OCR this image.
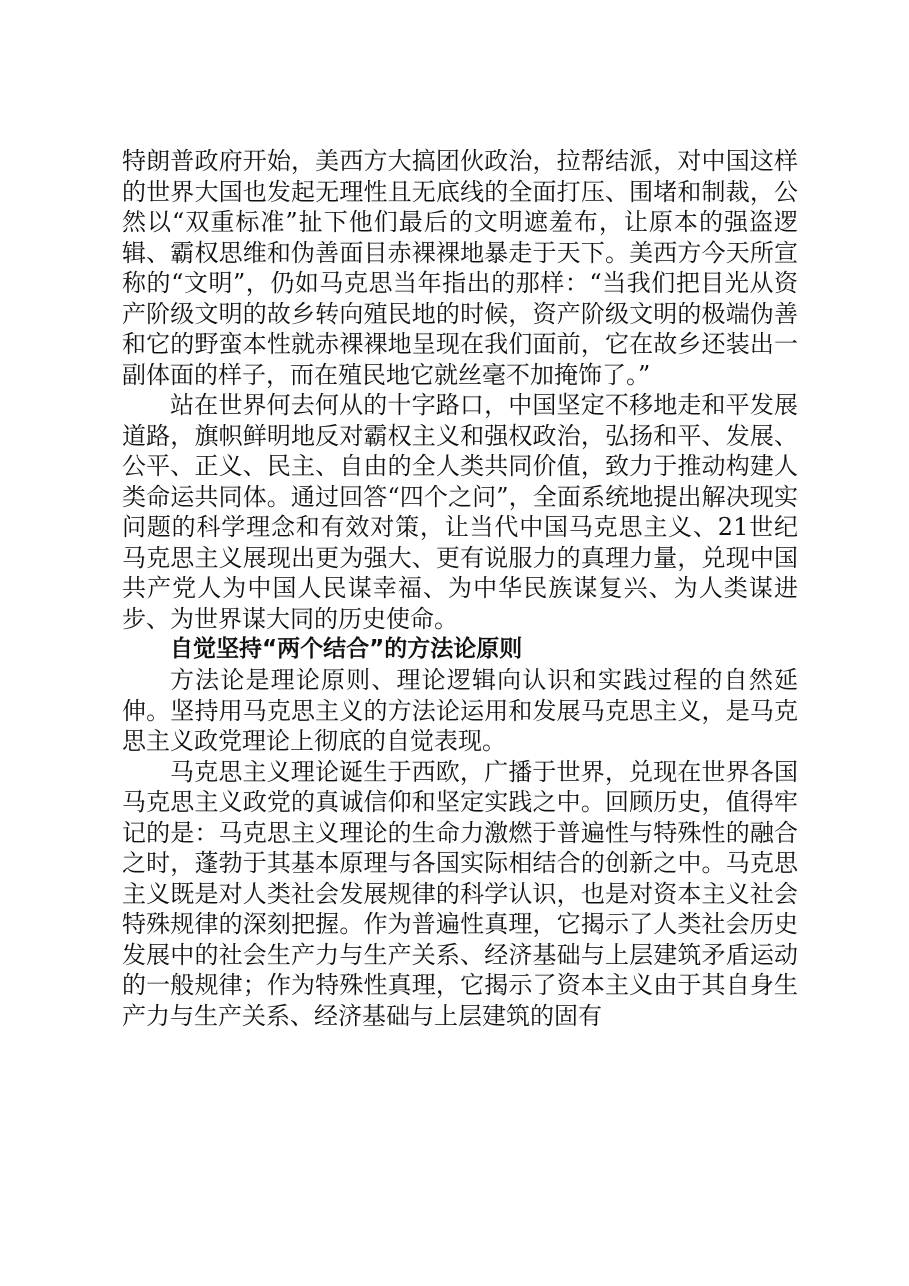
特朗普政府开始，美西方大搞团伙政治，拉帮结派，对中国这样的世界大国也发起无理性且无底线的全面打压、围堵和制裁，公然以“双重标准”扯下他们最后的文明遮羞布，让原本的强盗逻辑、霸权思维和伪善面目赤裸裸地暴走于天下。美西方今天所宣称的“文明”，仍如马克思当年指出的那样：“当我们把目光从资产阶级文明的故乡转向殖民地的时候，资产阶级文明的极端伪善和它的野蛮本性就赤裸裸地呈现在我们面前，它在故乡还装出一副体面的样子，而在殖民地它就丝毫不加掩饰了。”

站在世界何去何从的十字路口，中国坚定不移地走和平发展道路，旗帜鲜明地反对霸权主义和强权政治，弘扬和平、发展、公平、正义、民主、自由的全人类共同价值，致力于推动构建人类命运共同体。通过回答“四个之问”，全面系统地提出解决现实问题的科学理念和有效对策，让当代中国马克思主义、21世纪马克思主义展现出更为强大、更有说服力的真理力量，兑现中国共产党人为中国人民谋幸福、为中华民族谋复兴、为人类谋进步、为世界谋大同的历史使命。

自觉坚持“两个结合”的方法论原则

方法论是理论原则、理论逻辑向认识和实践过程的自然延伸。坚持用马克思主义的方法论运用和发展马克思主义，是马克思主义政党理论上彻底的自觉表现。

马克思主义理论诞生于西欧，广播于世界，兑现在世界各国马克思主义政党的真诚信仰和坚定实践之中。回顾历史，值得牢记的是：马克思主义理论的生命力激燃于普遍性与特殊性的融合之时，蓬勃于其基本原理与各国实际相结合的创新之中。马克思主义既是对人类社会发展规律的科学认识，也是对资本主义社会特殊规律的深刻把握。作为普遍性真理，它揭示了人类社会历史发展中的社会生产力与生产关系、经济基础与上层建筑矛盾运动的一般规律；作为特殊性真理，它揭示了资本主义由于其自身生产力与生产关系、经济基础与上层建筑的固有
